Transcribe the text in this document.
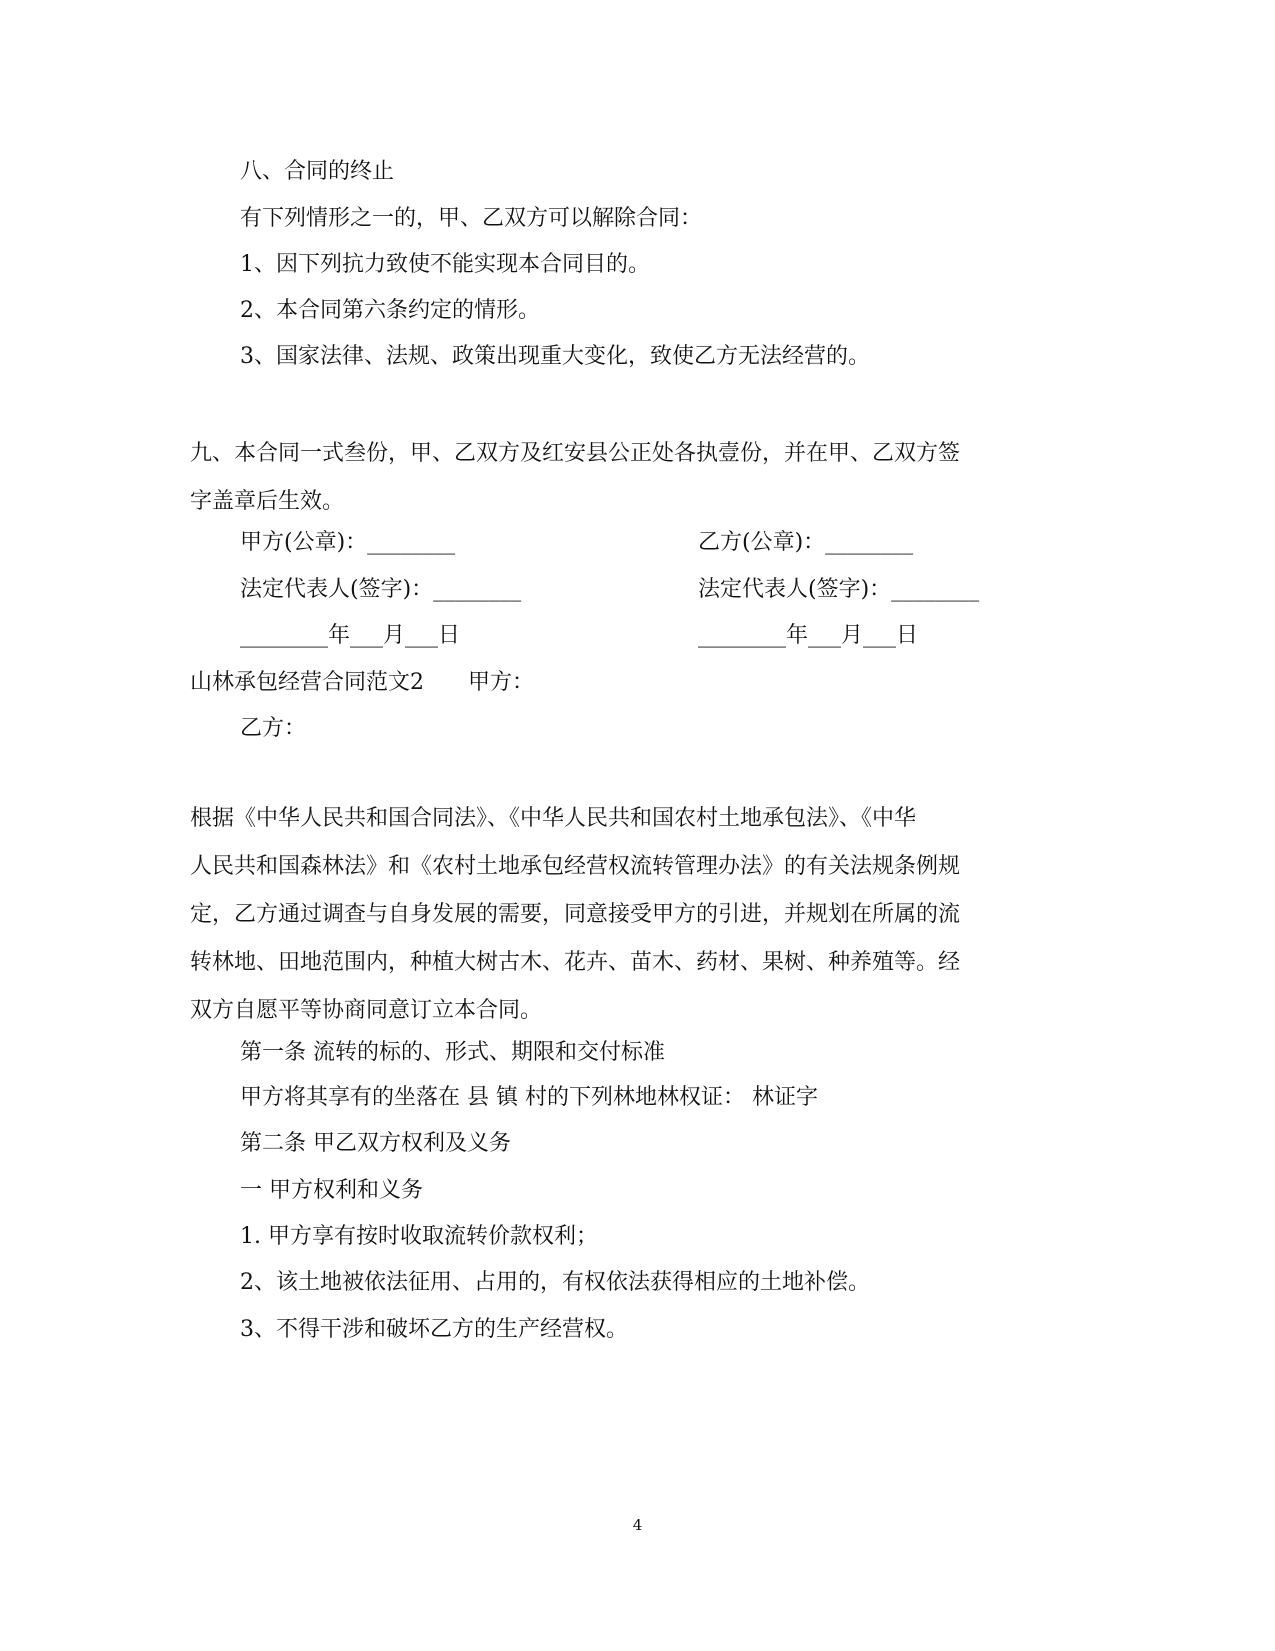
八、合同的终止
有下列情形之一的，甲、乙双方可以解除合同：
1、因下列抗力致使不能实现本合同目的。
2、本合同第六条约定的情形。
3、国家法律、法规、政策出现重大变化，致使乙方无法经营的。
九、本合同一式叁份，甲、乙双方及红安县公正处各执壹份，并在甲、乙双方签
字盖章后生效。
甲方(公章)：________	乙方(公章)：________
法定代表人(签字)：________	法定代表人(签字)：________
________年___月___日	________年___月___日
山林承包经营合同范文2　　甲方：
乙方：
根据《中华人民共和国合同法》、《中华人民共和国农村土地承包法》、《中华
人民共和国森林法》和《农村土地承包经营权流转管理办法》的有关法规条例规
定，乙方通过调查与自身发展的需要，同意接受甲方的引进，并规划在所属的流
转林地、田地范围内，种植大树古木、花卉、苗木、药材、果树、种养殖等。经
双方自愿平等协商同意订立本合同。
第一条 流转的标的、形式、期限和交付标准
甲方将其享有的坐落在 县 镇 村的下列林地林权证： 林证字
第二条 甲乙双方权利及义务
一 甲方权利和义务
1. 甲方享有按时收取流转价款权利；
2、该土地被依法征用、占用的，有权依法获得相应的土地补偿。
3、不得干涉和破坏乙方的生产经营权。
4
